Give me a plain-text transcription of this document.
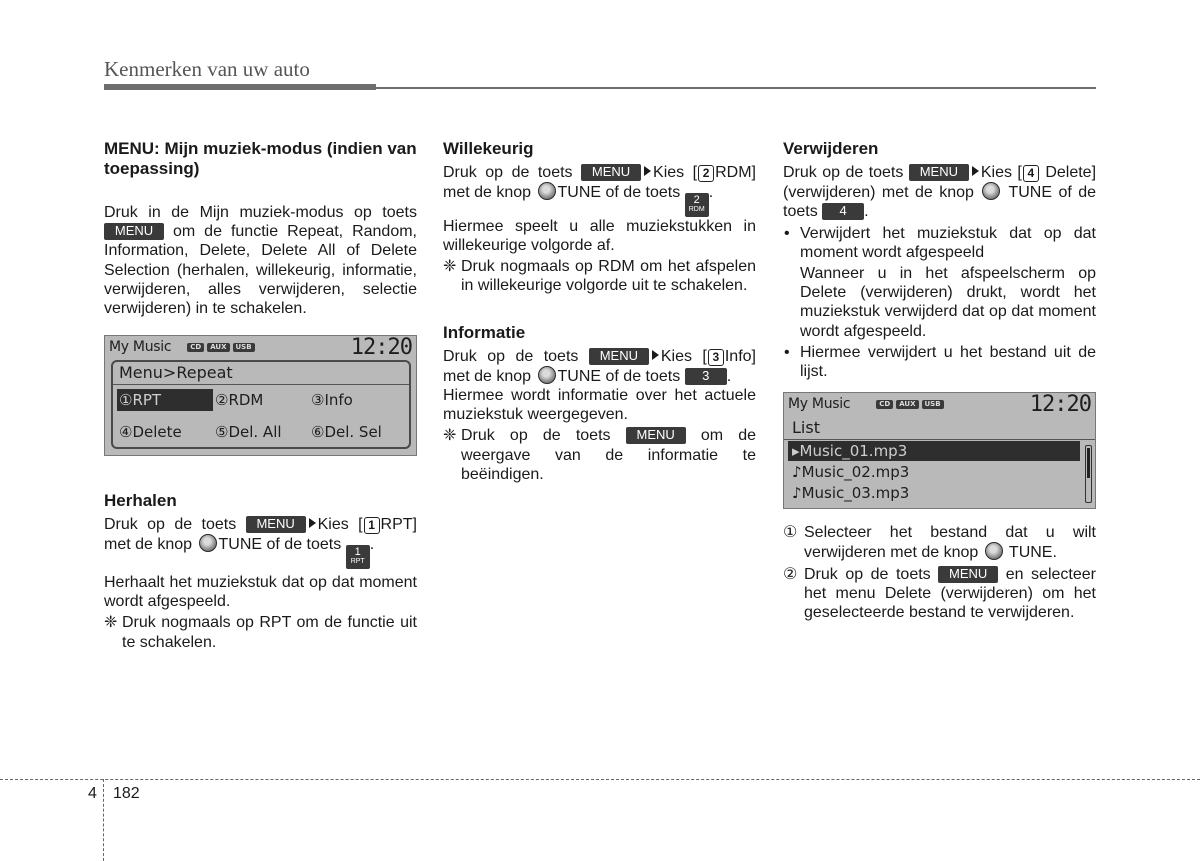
Kenmerken van uw auto
MENU: Mijn muziek-modus (indien van toepassing)

Druk in de Mijn muziek-modus op toets MENU om de functie Repeat, Random, Information, Delete, Delete All of Delete Selection (herhalen, willekeurig, informatie, verwijderen, alles verwijderen, selectie verwijderen) in te schakelen.

My Music	CD	AUX	USB	12:20
Menu>Repeat
①RPT	②RDM	③Info
④Delete	⑤Del. All	⑥Del. Sel
Herhalen

Druk op de toets MENU Kies [ 1 RPT] met de knop TUNE of de toets 1
RPT
.

Herhaalt het muziekstuk dat op dat moment wordt afgespeeld.

❈ Druk nogmaals op RPT om de functie uit te schakelen.
Willekeurig

Druk op de toets MENU Kies [ 2 RDM] met de knop TUNE of de toets 2
RDM
.

Hiermee speelt u alle muziekstukken in willekeurige volgorde af.

❈ Druk nogmaals op RDM om het afspelen in willekeurige volgorde uit te schakelen.
Informatie

Druk op de toets MENU Kies [ 3 Info] met de knop TUNE of de toets 3 .

Hiermee wordt informatie over het actuele muziekstuk weergegeven.

❈ Druk op de toets MENU om de weergave van de informatie te beëindigen.
Verwijderen

Druk op de toets MENU Kies [ 4 Delete] (verwijderen) met de knop TUNE of de toets 4 .

• Verwijdert het muziekstuk dat op dat moment wordt afgespeeld
Wanneer u in het afspeelscherm op Delete (verwijderen) drukt, wordt het muziekstuk verwijderd dat op dat moment wordt afgespeeld.
• Hiermee verwijdert u het bestand uit de lijst.
My Music	CD	AUX	USB	12:20
List
▸Music_01.mp3
♪Music_02.mp3
♪Music_03.mp3
① Selecteer het bestand dat u wilt verwijderen met de knop TUNE.
② Druk op de toets MENU en selecteer het menu Delete (verwijderen) om het geselecteerde bestand te verwijderen.
4 182
